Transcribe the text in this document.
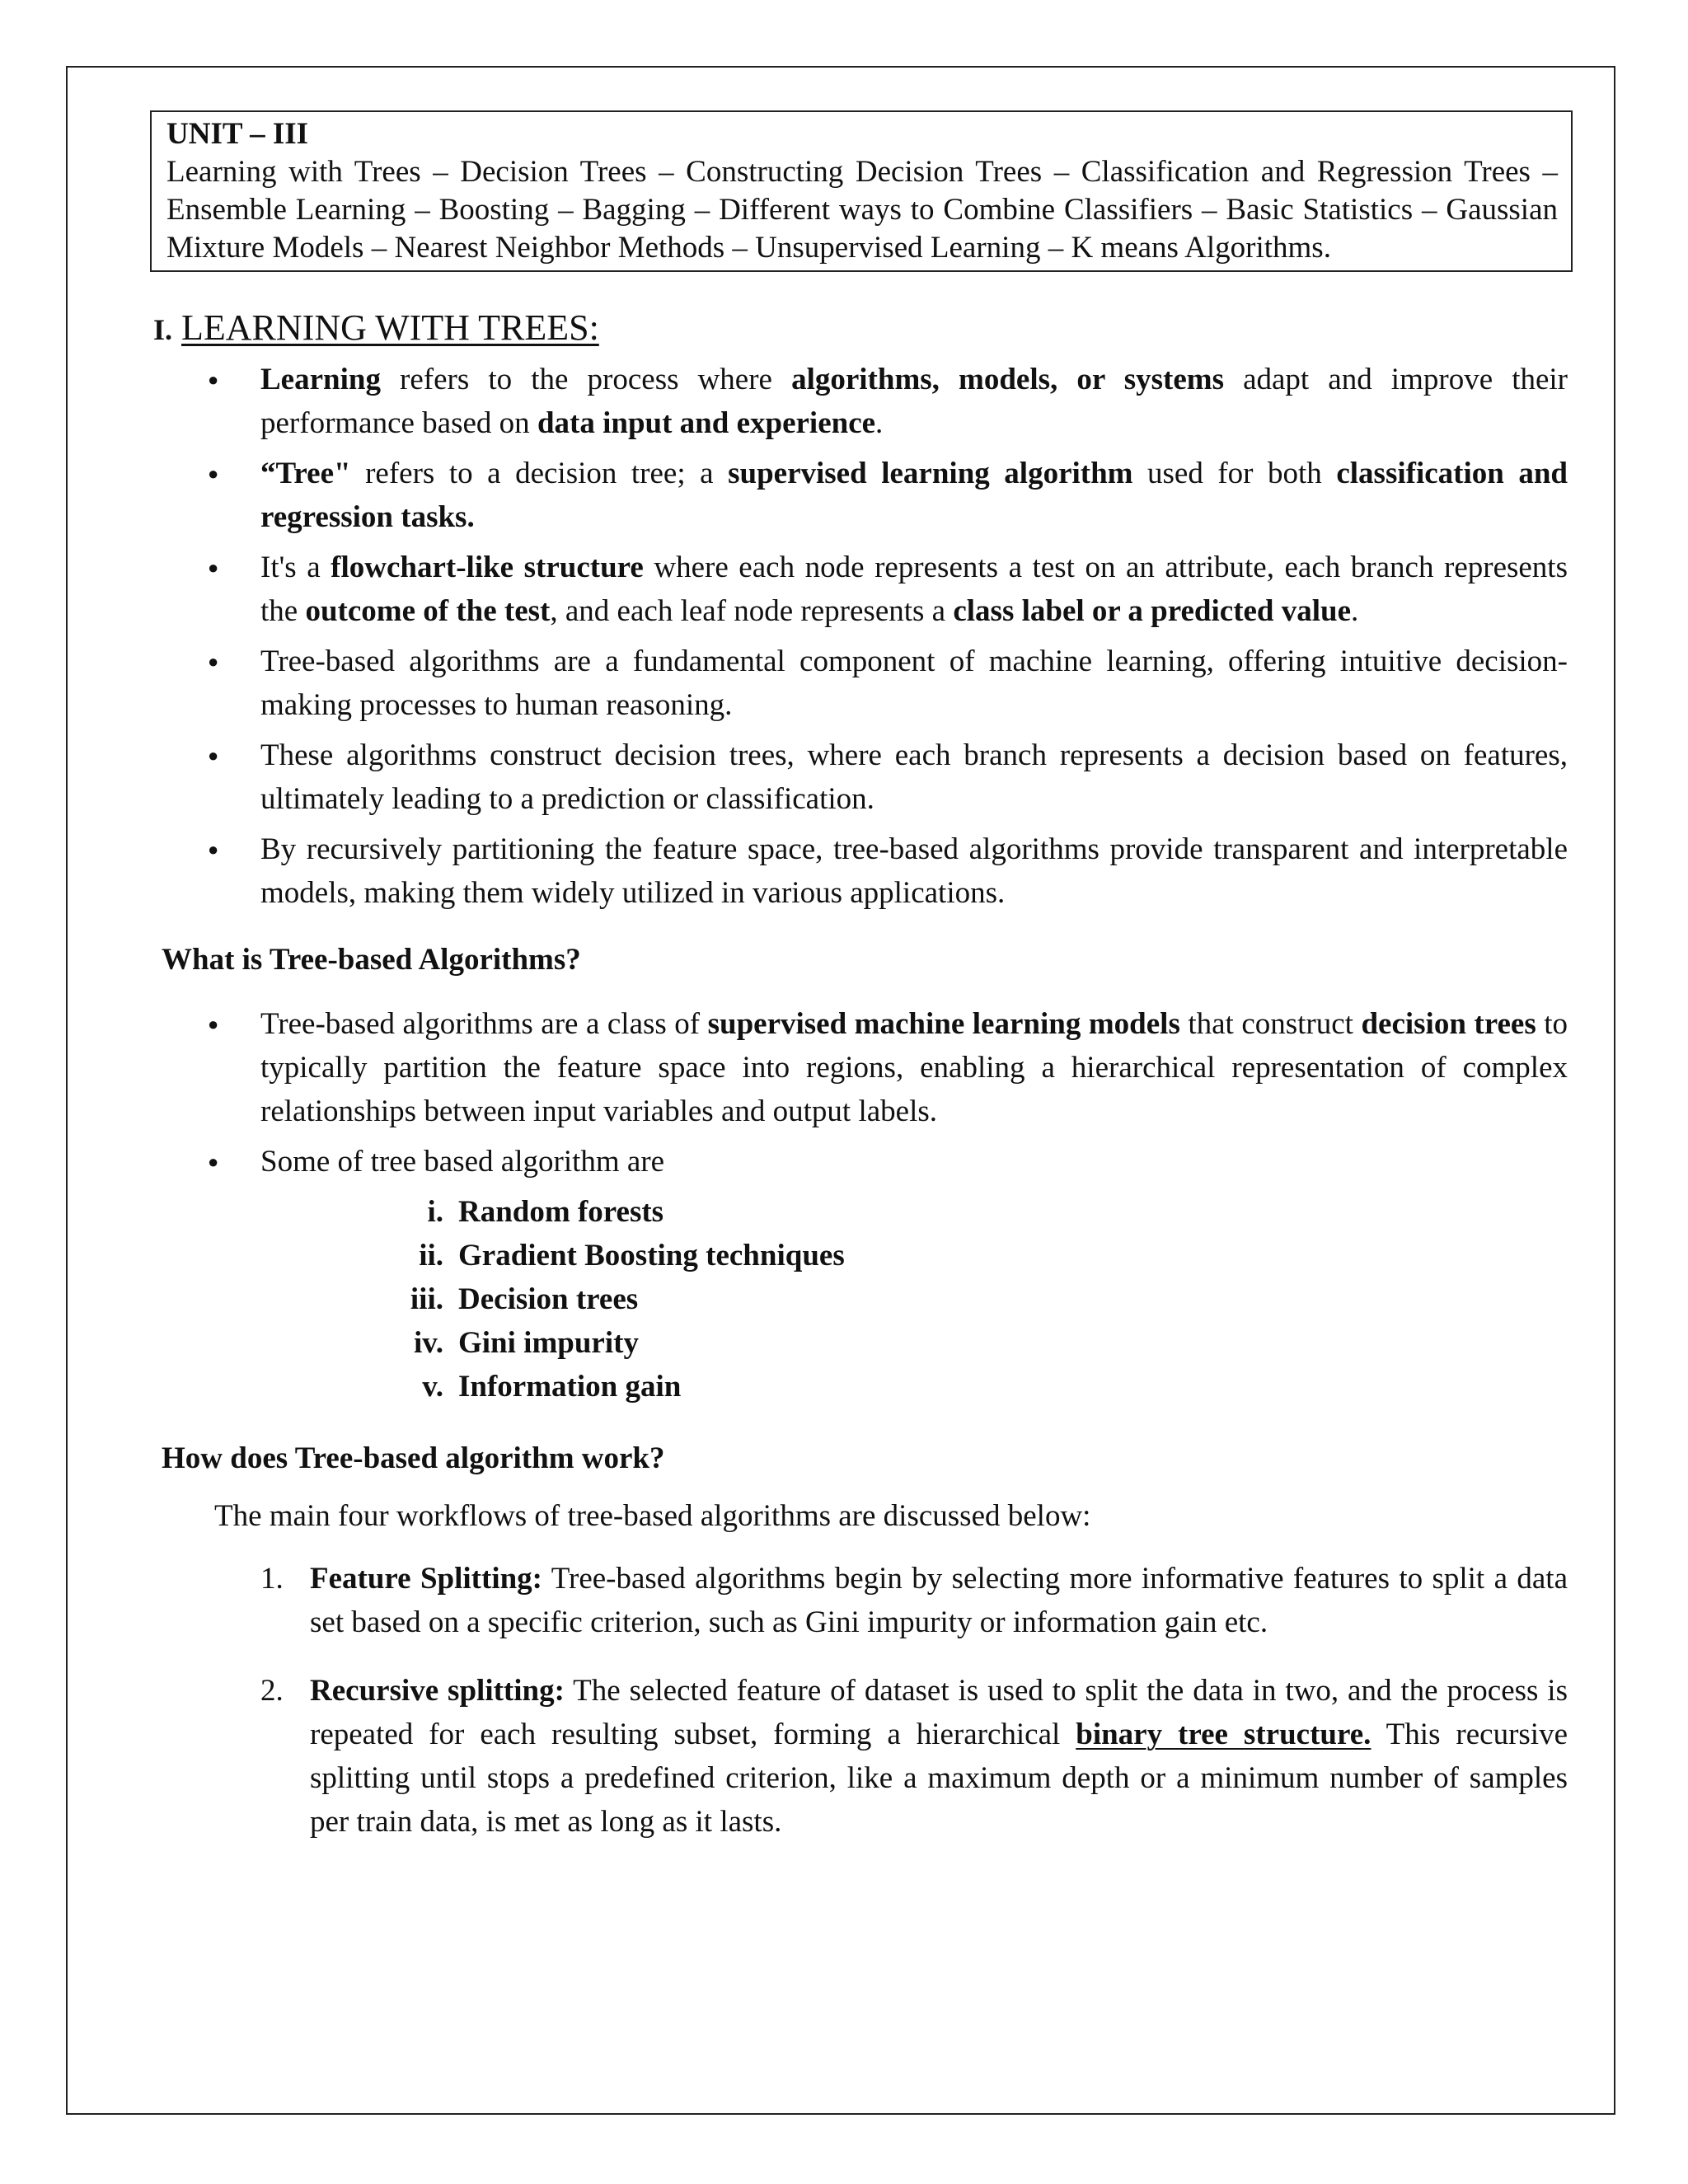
UNIT – III
Learning with Trees – Decision Trees – Constructing Decision Trees – Classification and Regression Trees – Ensemble Learning – Boosting – Bagging – Different ways to Combine Classifiers – Basic Statistics – Gaussian Mixture Models – Nearest Neighbor Methods – Unsupervised Learning – K means Algorithms.
I. LEARNING WITH TREES:
● Learning refers to the process where algorithms, models, or systems adapt and improve their performance based on data input and experience.
● “Tree" refers to a decision tree; a supervised learning algorithm used for both classification and regression tasks.
● It's a flowchart-like structure where each node represents a test on an attribute, each branch represents the outcome of the test, and each leaf node represents a class label or a predicted value.
● Tree-based algorithms are a fundamental component of machine learning, offering intuitive decision-making processes to human reasoning.
● These algorithms construct decision trees, where each branch represents a decision based on features, ultimately leading to a prediction or classification.
● By recursively partitioning the feature space, tree-based algorithms provide transparent and interpretable models, making them widely utilized in various applications.
What is Tree-based Algorithms?
● Tree-based algorithms are a class of supervised machine learning models that construct decision trees to typically partition the feature space into regions, enabling a hierarchical representation of complex relationships between input variables and output labels.
● Some of tree based algorithm are
i. Random forests
ii. Gradient Boosting techniques
iii. Decision trees
iv. Gini impurity
v. Information gain
How does Tree-based algorithm work?
The main four workflows of tree-based algorithms are discussed below:
1. Feature Splitting: Tree-based algorithms begin by selecting more informative features to split a data set based on a specific criterion, such as Gini impurity or information gain etc.
2. Recursive splitting: The selected feature of dataset is used to split the data in two, and the process is repeated for each resulting subset, forming a hierarchical binary tree structure. This recursive splitting until stops a predefined criterion, like a maximum depth or a minimum number of samples per train data, is met as long as it lasts.
